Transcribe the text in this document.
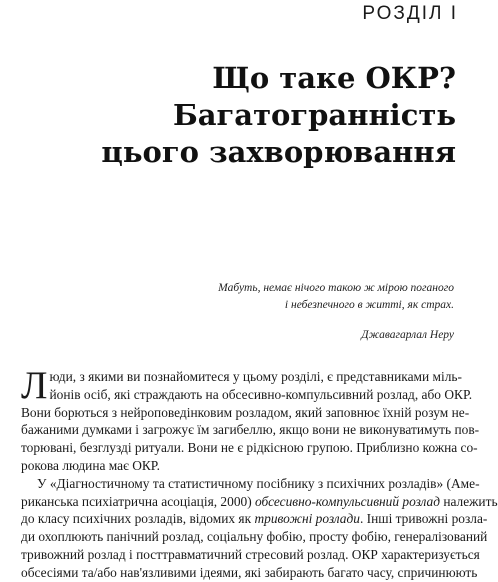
РОЗДІЛ І
Що таке ОКР?
Багатогранність
цього захворювання
Мабуть, немає нічого такою ж мірою поганого
і небезпечного в житті, як страх.
Джавагарлал Неру

Л юди, з якими ви познайомитеся у цьому розділі, є представниками міль-
йонів осіб, які страждають на обсесивно-компульсивний розлад, або ОКР.
Вони борються з нейроповедінковим розладом, який заповнює їхній розум не-
бажаними думками і загрожує їм загибеллю, якщо вони не виконуватимуть пов-
торювані, безглузді ритуали. Вони не є рідкісною групою. Приблизно кожна со-
рокова людина має ОКР.

У «Діагностичному та статистичному посібнику з психічних розладів» (Аме-
риканська психіатрична асоціація, 2000) обсесивно-компульсивний розлад належить
до класу психічних розладів, відомих як тривожні розлади. Інші тривожні розла-
ди охоплюють панічний розлад, соціальну фобію, просту фобію, генералізований
тривожний розлад і посттравматичний стресовий розлад. ОКР характеризується
обсесіями та/або нав'язливими ідеями, які забирають багато часу, спричинюють
